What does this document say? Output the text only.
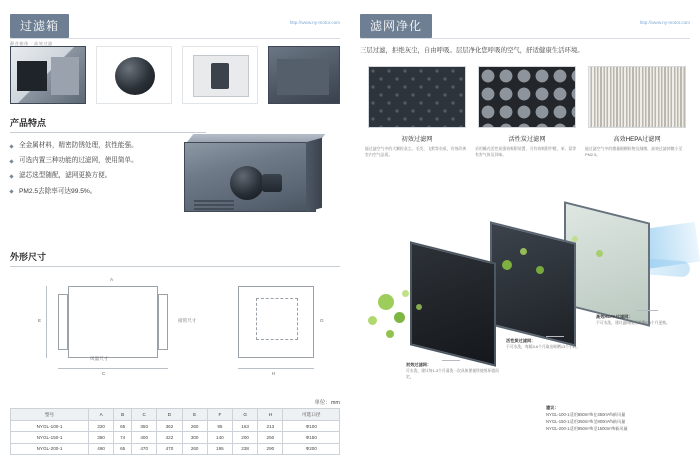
过滤箱
静音箱体 · 高效过滤
http://www.ny-motor.com
产品特点
全金属材料，精密防锈处理，抗性能强。
可选内置三种功能的过滤网，使用简单。
滤芯选型随配，滤网更换方便。
PM2.5去除率可达99.5%。
外形尺寸
C
E
A
H
G
接管尺寸
风量尺寸
单位：mm
型号	A	B	C	D	E	F	G	H	可选口径
NYGL-100-1	320	65	350	362	260	95	163	213	Φ100
NYGL-150-1	380	74	400	422	300	140	200	250	Φ150
NYGL-200-1	490	65	470	470	260	195	238	290	Φ200
滤网净化	http://www.ny-motor.com
三层过滤，拒绝灰尘，自由呼吸。层层净化您呼吸的空气，舒适健康生活环境。
初效过滤网	活性炭过滤网	高效HEPA过滤网
能过滤空气中的大颗粒灰尘、毛发、飞絮等杂质，有效改善室内空气品质。
采用椰壳活性炭强效吸附装置，可有效吸附甲醛、苯、氨等有害气体及异味。
能过滤空气中的微量细颗粒物及细菌，高效过滤掉微小至PM2.5。
高效HEPA过滤网：
不可水洗，建议滤网使用周期6-8个月更换。
活性炭过滤网：
不可水洗，每隔3-6个月取出晾晒13个小时。
初效过滤网：
可水洗，建议每1-3个月清洗一次具体要视所使用环境而定。
建议：
NYGL-100-1适用850m³/h在350m³/h新风量
NYGL-150-1适用350m³/h至800m³/h新风量
NYGL-200-1适用850m³/h至1500m³/h新风量
